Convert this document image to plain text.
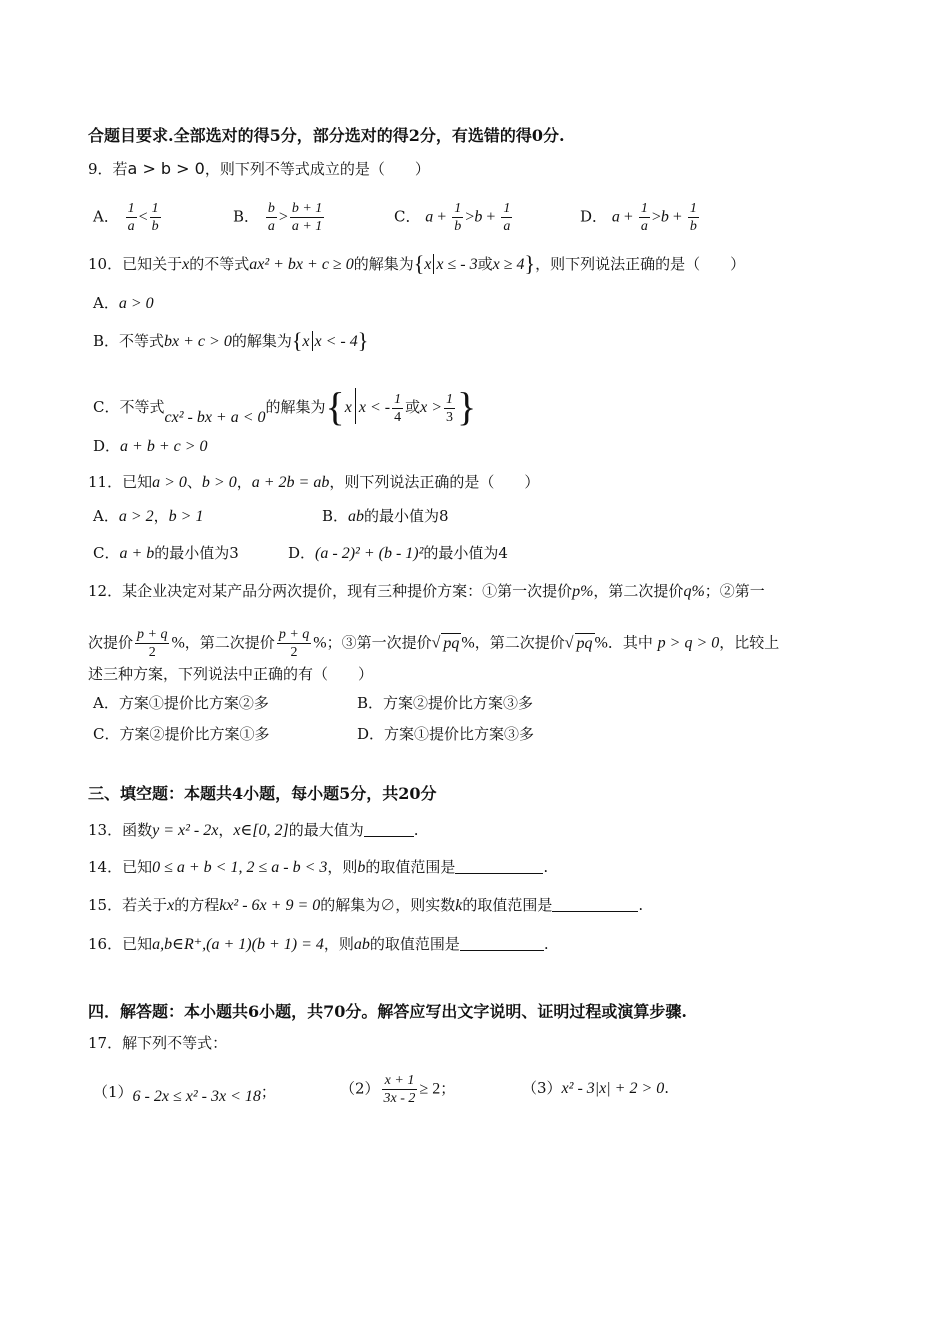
合题目要求.全部选对的得5分，部分选对的得2分，有选错的得0分.
9．若a > b > 0，则下列不等式成立的是（　　）
A． $\frac{1}{a} < \frac{1}{b}$	B． $\frac{b}{a} > \frac{b + 1}{a + 1}$	C． $a + \frac{1}{b} >b + \frac{1}{a}$	D． $a + \frac{1}{a} >b + \frac{1}{b}$
10．已知关于x的不等式ax² + bx + c ≥ 0的解集为{x x ≤ - 3或x ≥ 4}，则下列说法正确的是（　　）
A．a > 0
B．不等式bx + c > 0的解集为{x x < - 4}
C．不等式cx² - bx + a < 0的解集为{x x < - $\frac{1}{4}$ 或$x > \frac{1}{3}$ }
D．a + b + c > 0
11．已知a > 0、b > 0，a + 2b = ab，则下列说法正确的是（　　）
A．a > 2，b > 1	B．ab的最小值为8
C．a + b的最小值为3	D．(a - 2)² + (b - 1)²的最小值为4
12．某企业决定对某产品分两次提价，现有三种提价方案：①第一次提价p%，第二次提价q%；②第一
次提价 $\frac{p + q}{2}$ %，第二次提价 $\frac{p + q}{2}$ %；③第一次提价√ pq %，第二次提价√ pq %．其中 p > q > 0，比较上
述三种方案，下列说法中正确的有（　　）
A．方案①提价比方案②多	B．方案②提价比方案③多
C．方案②提价比方案①多	D．方案①提价比方案③多
三、填空题：本题共4小题，每小题5分，共20分
13．函数y = x² - 2x，x∈[0, 2]的最大值为	.
14．已知0 ≤ a + b < 1, 2 ≤ a - b < 3，则b的取值范围是	.
15．若关于x的方程kx² - 6x + 9 = 0的解集为∅，则实数k的取值范围是	.
16．已知a,b∈R⁺,(a + 1)(b + 1) = 4，则ab的取值范围是	.
四．解答题：本小题共6小题，共70分。解答应写出文字说明、证明过程或演算步骤.
17．解下列不等式：
（1）6 - 2x ≤ x² - 3x < 18；	$(2) \frac{x + 1}{3x - 2} \ge 2$；	（3）x² - 3|x| + 2 > 0.
